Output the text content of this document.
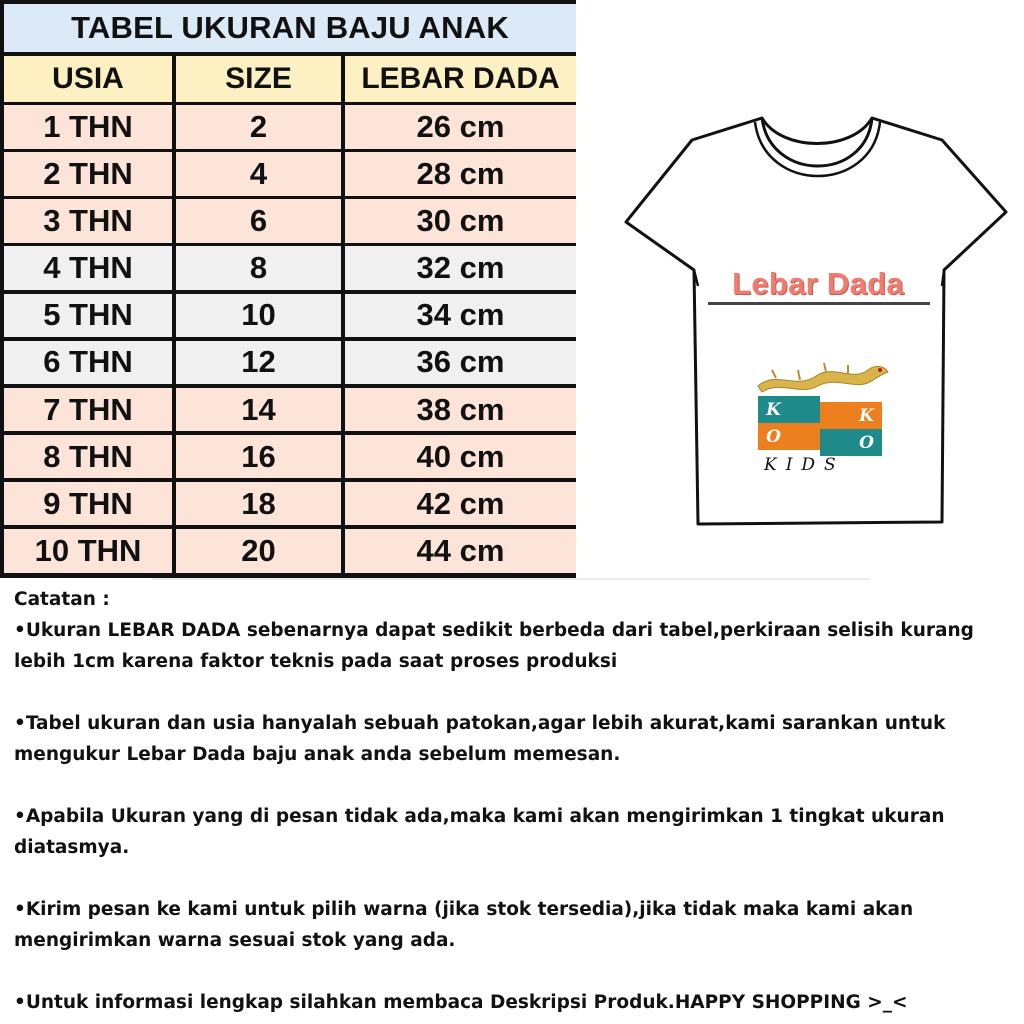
TABEL UKURAN BAJU ANAK
USIA	SIZE	LEBAR DADA
1 THN	2	26 cm
2 THN	4	28 cm
3 THN	6	30 cm
4 THN	8	32 cm
5 THN	10	34 cm
6 THN	12	36 cm
7 THN	14	38 cm
8 THN	16	40 cm
9 THN	18	42 cm
10 THN	20	44 cm
Lebar Dada
K
O
K
O
KIDS

Catatan :

•Ukuran LEBAR DADA sebenarnya dapat sedikit berbeda dari tabel,perkiraan selisih kurang lebih 1cm karena faktor teknis pada saat proses produksi

•Tabel ukuran dan usia hanyalah sebuah patokan,agar lebih akurat,kami sarankan untuk mengukur Lebar Dada baju anak anda sebelum memesan.

•Apabila Ukuran yang di pesan tidak ada,maka kami akan mengirimkan 1 tingkat ukuran diatasmya.

•Kirim pesan ke kami untuk pilih warna (jika stok tersedia),jika tidak maka kami akan mengirimkan warna sesuai stok yang ada.

•Untuk informasi lengkap silahkan membaca Deskripsi Produk.HAPPY SHOPPING >_<
